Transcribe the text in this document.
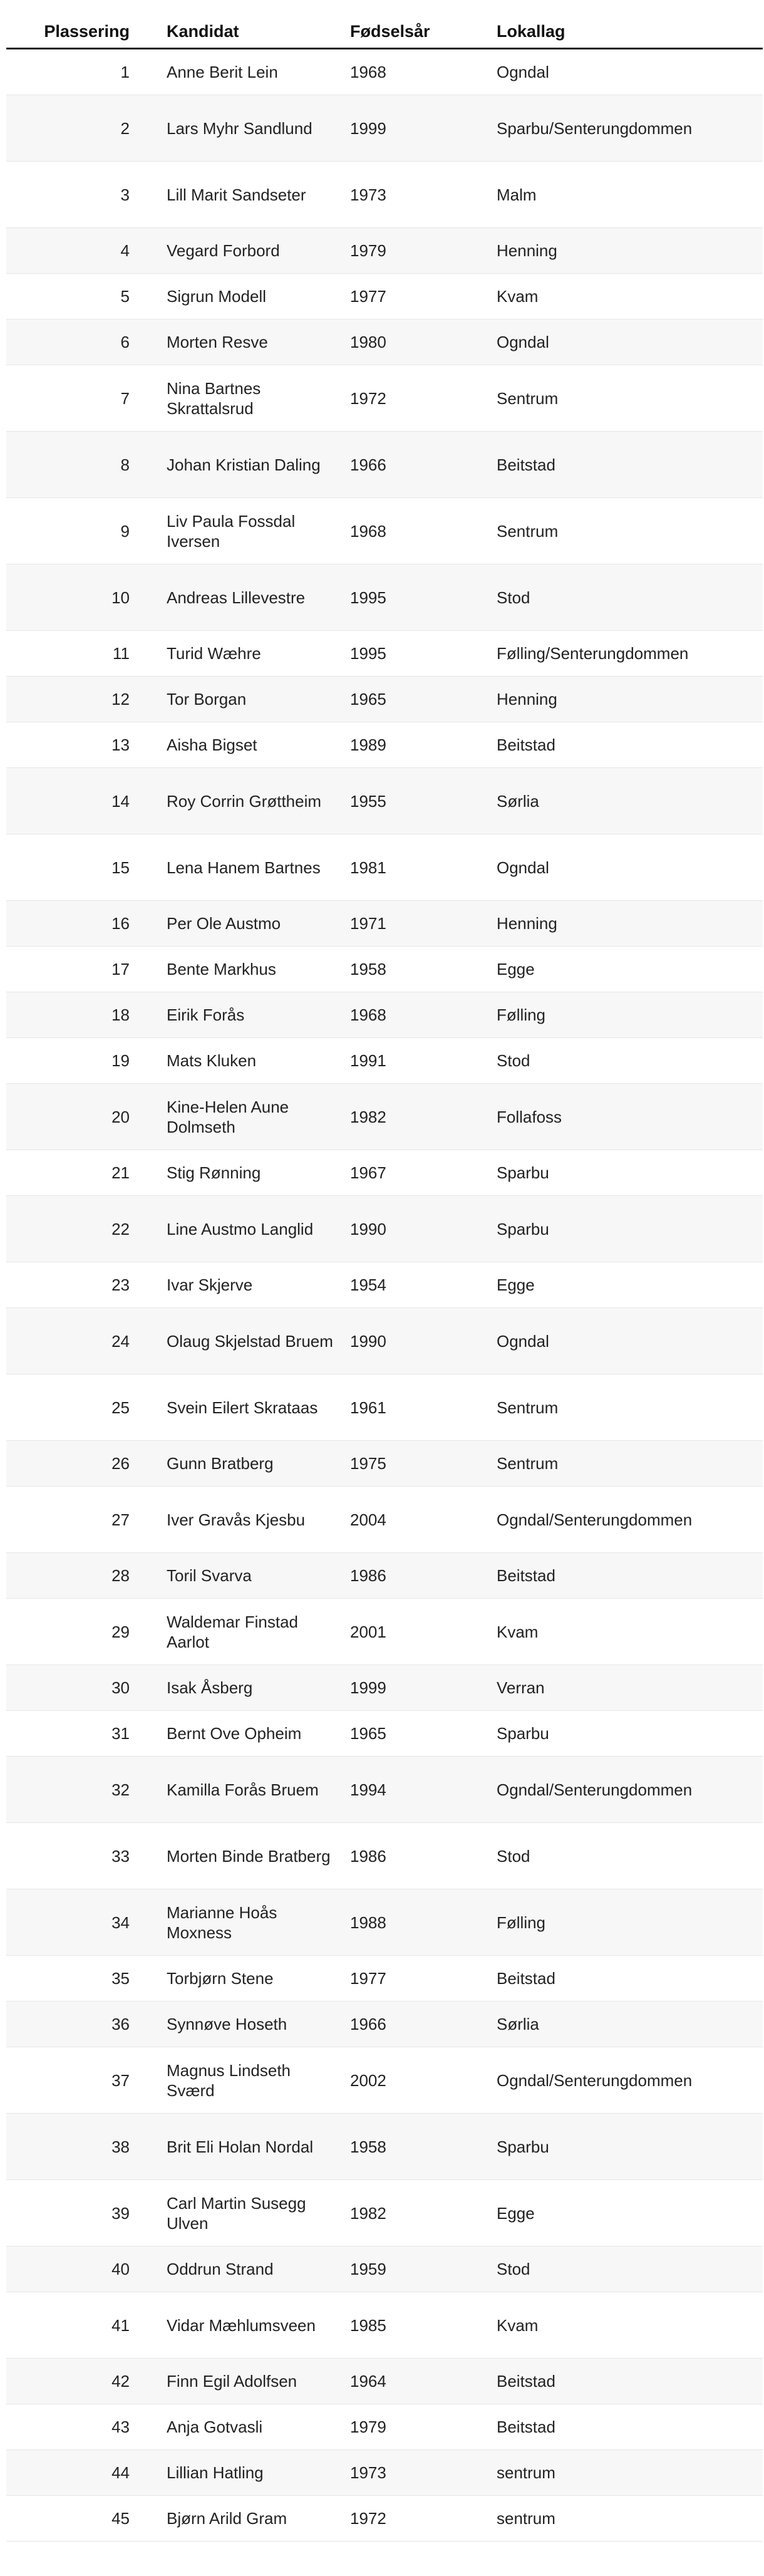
Plassering	Kandidat	Fødselsår	Lokallag
1	Anne Berit Lein	1968	Ogndal
2	Lars Myhr Sandlund	1999	Sparbu/Senterungdommen
3	Lill Marit Sandseter	1973	Malm
4	Vegard Forbord	1979	Henning
5	Sigrun Modell	1977	Kvam
6	Morten Resve	1980	Ogndal
7	Nina Bartnes Skrattalsrud	1972	Sentrum
8	Johan Kristian Daling	1966	Beitstad
9	Liv Paula Fossdal Iversen	1968	Sentrum
10	Andreas Lillevestre	1995	Stod
11	Turid Wæhre	1995	Følling/Senterungdommen
12	Tor Borgan	1965	Henning
13	Aisha Bigset	1989	Beitstad
14	Roy Corrin Grøttheim	1955	Sørlia
15	Lena Hanem Bartnes	1981	Ogndal
16	Per Ole Austmo	1971	Henning
17	Bente Markhus	1958	Egge
18	Eirik Forås	1968	Følling
19	Mats Kluken	1991	Stod
20	Kine-Helen Aune Dolmseth	1982	Follafoss
21	Stig Rønning	1967	Sparbu
22	Line Austmo Langlid	1990	Sparbu
23	Ivar Skjerve	1954	Egge
24	Olaug Skjelstad Bruem	1990	Ogndal
25	Svein Eilert Skrataas	1961	Sentrum
26	Gunn Bratberg	1975	Sentrum
27	Iver Gravås Kjesbu	2004	Ogndal/Senterungdommen
28	Toril Svarva	1986	Beitstad
29	Waldemar Finstad Aarlot	2001	Kvam
30	Isak Åsberg	1999	Verran
31	Bernt Ove Opheim	1965	Sparbu
32	Kamilla Forås Bruem	1994	Ogndal/Senterungdommen
33	Morten Binde Bratberg	1986	Stod
34	Marianne Hoås Moxness	1988	Følling
35	Torbjørn Stene	1977	Beitstad
36	Synnøve Hoseth	1966	Sørlia
37	Magnus Lindseth Sværd	2002	Ogndal/Senterungdommen
38	Brit Eli Holan Nordal	1958	Sparbu
39	Carl Martin Susegg Ulven	1982	Egge
40	Oddrun Strand	1959	Stod
41	Vidar Mæhlumsveen	1985	Kvam
42	Finn Egil Adolfsen	1964	Beitstad
43	Anja Gotvasli	1979	Beitstad
44	Lillian Hatling	1973	sentrum
45	Bjørn Arild Gram	1972	sentrum
